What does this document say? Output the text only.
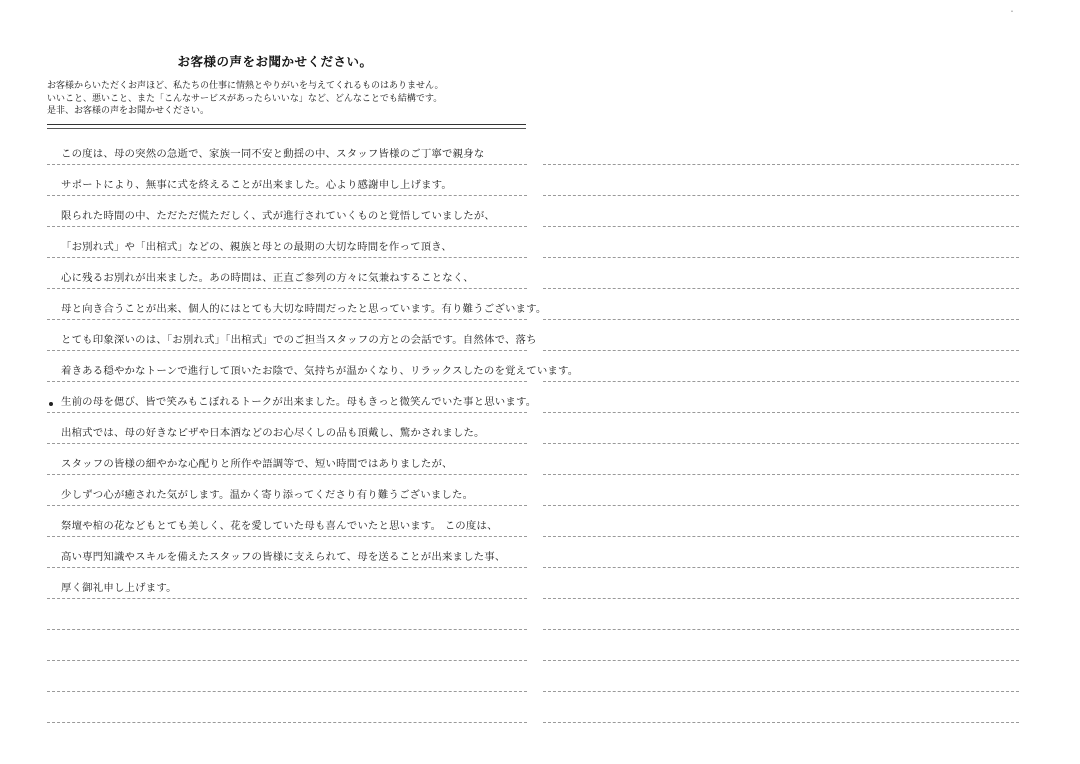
・
お客様の声をお聞かせください。
お客様からいただくお声ほど、私たちの仕事に情熱とやりがいを与えてくれるものはありません。
いいこと、悪いこと、また「こんなサービスがあったらいいな」など、どんなことでも結構です。
是非、お客様の声をお聞かせください。
この度は、母の突然の急逝で、家族一同不安と動揺の中、スタッフ皆様のご丁寧で親身な
サポートにより、無事に式を終えることが出来ました。心より感謝申し上げます。
限られた時間の中、ただただ慌ただしく、式が進行されていくものと覚悟していましたが、
「お別れ式」や「出棺式」などの、親族と母との最期の大切な時間を作って頂き、
心に残るお別れが出来ました。あの時間は、正直ご参列の方々に気兼ねすることなく、
母と向き合うことが出来、個人的にはとても大切な時間だったと思っています。有り難うございます。
とても印象深いのは、「お別れ式」「出棺式」でのご担当スタッフの方との会話です。自然体で、落ち
着きある穏やかなトーンで進行して頂いたお陰で、気持ちが温かくなり、リラックスしたのを覚えています。
生前の母を偲び、皆で笑みもこぼれるトークが出来ました。母もきっと微笑んでいた事と思います。
出棺式では、母の好きなピザや日本酒などのお心尽くしの品も頂戴し、驚かされました。
スタッフの皆様の細やかな心配りと所作や語調等で、短い時間ではありましたが、
少しずつ心が癒された気がします。温かく寄り添ってくださり有り難うございました。
祭壇や棺の花などもとても美しく、花を愛していた母も喜んでいたと思います。 この度は、
高い専門知識やスキルを備えたスタッフの皆様に支えられて、母を送ることが出来ました事、
厚く御礼申し上げます。
